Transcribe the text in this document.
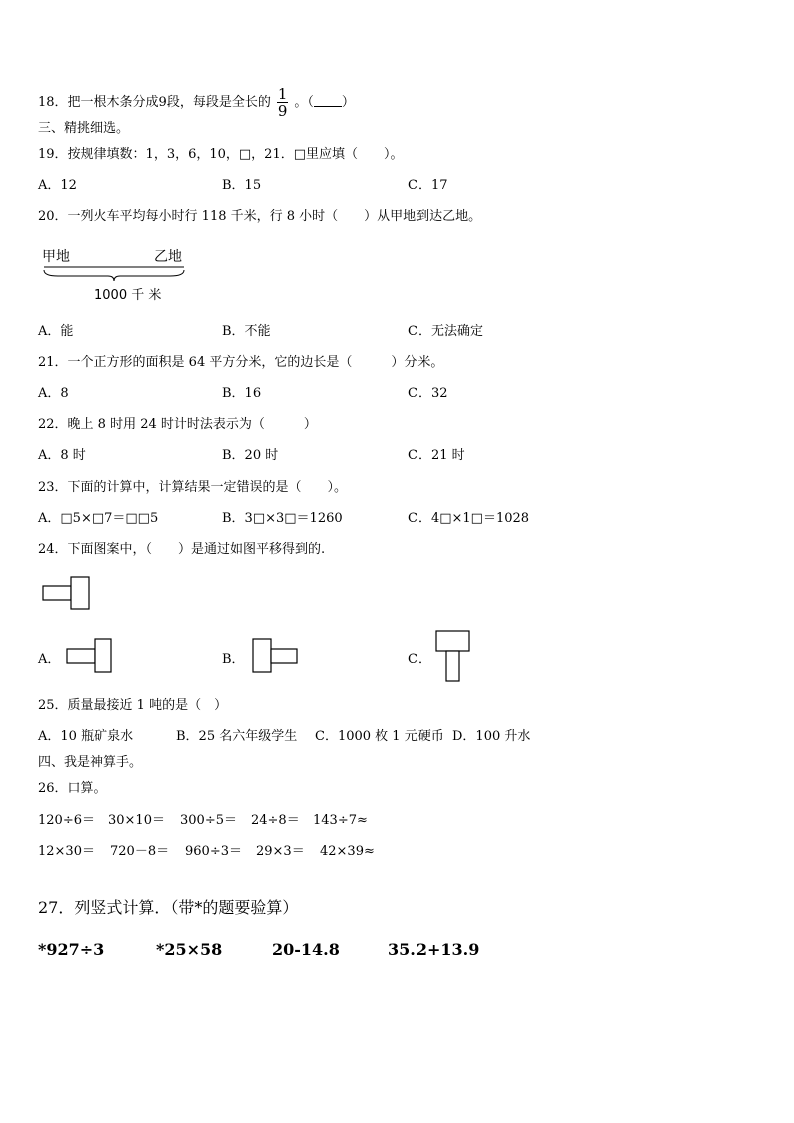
18．把一根木条分成9段，每段是全长的 $\frac{1}{9}$ 。（ ）
三、精挑细选。
19．按规律填数：1，3，6，10，□，21．□里应填（　　）。
A．12	B．15	C．17
20．一列火车平均每小时行 118 千米，行 8 小时（　　）从甲地到达乙地。
甲地	乙地
1000 千 米
A．能	B．不能	C．无法确定
21．一个正方形的面积是 64 平方分米，它的边长是（　　　）分米。
A．8	B．16	C．32
22．晚上 8 时用 24 时计时法表示为（　　　）
A．8 时	B．20 时	C．21 时
23．下面的计算中，计算结果一定错误的是（　　）。
A．□5×□7＝□□5	B．3□×3□＝1260	C．4□×1□＝1028
24．下面图案中，（　　）是通过如图平移得到的.
A．	B．	C．
25．质量最接近 1 吨的是（　）
A．10 瓶矿泉水	B．25 名六年级学生 C．1000 枚 1 元硬币 D．100 升水
四、我是神算手。
26．口算。
120÷6＝ 30×10＝ 300÷5＝ 24÷8＝ 143÷7≈
12×30＝ 720－8＝ 960÷3＝ 29×3＝ 42×39≈
27．列竖式计算．（带*的题要验算）
*927÷3	*25×58	20-14.8	35.2+13.9
